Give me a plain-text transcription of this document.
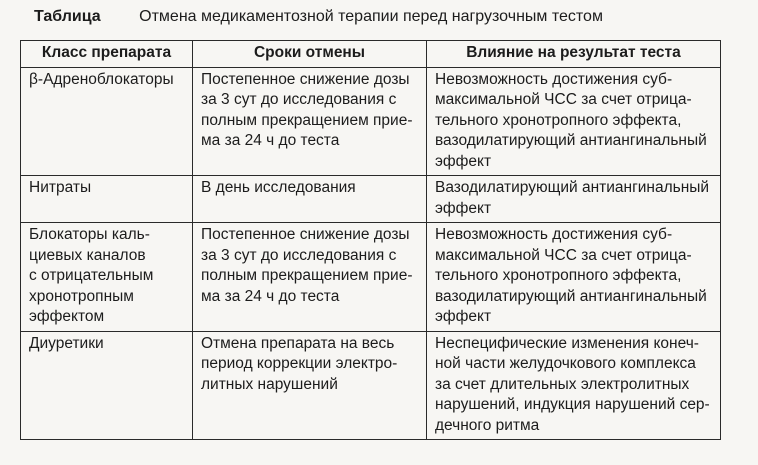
Таблица Отмена медикаментозной терапии перед нагрузочным тестом
Класс препарата	Сроки отмены	Влияние на результат теста

β-Адреноблокаторы	Постепенное снижение дозы
за 3 сут до исследования с
полным прекращением прие-
ма за 24 ч до теста	Невозможность достижения суб-
максимальной ЧСС за счет отрица-
тельного хронотропного эффекта,
вазодилатирующий антиангинальный
эффект

Нитраты	В день исследования	Вазодилатирующий антиангинальный
эффект

Блокаторы каль-
циевых каналов
с отрицательным
хронотропным
эффектом	Постепенное снижение дозы
за 3 сут до исследования с
полным прекращением прие-
ма за 24 ч до теста	Невозможность достижения суб-
максимальной ЧСС за счет отрица-
тельного хронотропного эффекта,
вазодилатирующий антиангинальный
эффект

Диуретики	Отмена препарата на весь
период коррекции электро-
литных нарушений	Неспецифические изменения конеч-
ной части желудочкового комплекса
за счет длительных электролитных
нарушений, индукция нарушений сер-
дечного ритма
